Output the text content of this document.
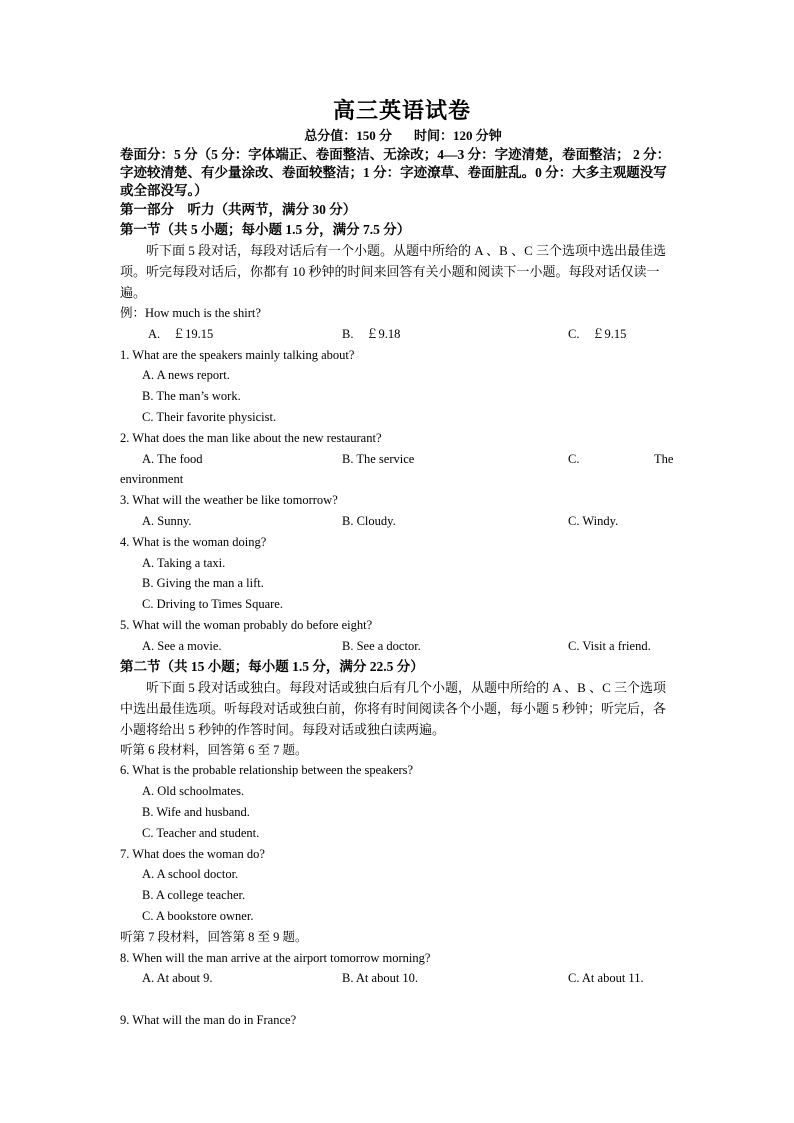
高三英语试卷
总分值：150 分 时间：120 分钟
卷面分：5 分（5 分：字体端正、卷面整洁、无涂改；4—3 分：字迹清楚，卷面整洁； 2 分：字迹较清楚、有少量涂改、卷面较整洁；1 分：字迹潦草、卷面脏乱。0 分：大多主观题没写或全部没写。）
第一部分　听力（共两节，满分 30 分）
第一节（共 5 小题；每小题 1.5 分，满分 7.5 分）
听下面 5 段对话，每段对话后有一个小题。从题中所给的 A 、B 、C 三个选项中选出最佳选项。听完每段对话后，你都有 10 秒钟的时间来回答有关小题和阅读下一小题。每段对话仅读一遍。
例：How much is the shirt?
A.　￡19.15	B.　￡9.18	C.　￡9.15
1. What are the speakers mainly talking about?
A. A news report.
B. The man’s work.
C. Their favorite physicist.
2. What does the man like about the new restaurant?
A. The food	B. The service	C.	The
environment
3. What will the weather be like tomorrow?
A. Sunny.	B. Cloudy.	C. Windy.
4. What is the woman doing?
A. Taking a taxi.
B. Giving the man a lift.
C. Driving to Times Square.
5. What will the woman probably do before eight?
A. See a movie.	B. See a doctor.	C. Visit a friend.
第二节（共 15 小题；每小题 1.5 分，满分 22.5 分）
听下面 5 段对话或独白。每段对话或独白后有几个小题，从题中所给的 A 、B 、C 三个选项中选出最佳选项。听每段对话或独白前，你将有时间阅读各个小题，每小题 5 秒钟；听完后，各小题将给出 5 秒钟的作答时间。每段对话或独白读两遍。
听第 6 段材料，回答第 6 至 7 题。
6. What is the probable relationship between the speakers?
A. Old schoolmates.
B. Wife and husband.
C. Teacher and student.
7. What does the woman do?
A. A school doctor.
B. A college teacher.
C. A bookstore owner.
听第 7 段材料，回答第 8 至 9 题。
8. When will the man arrive at the airport tomorrow morning?
A. At about 9.	B. At about 10.	C. At about 11.
9. What will the man do in France?
